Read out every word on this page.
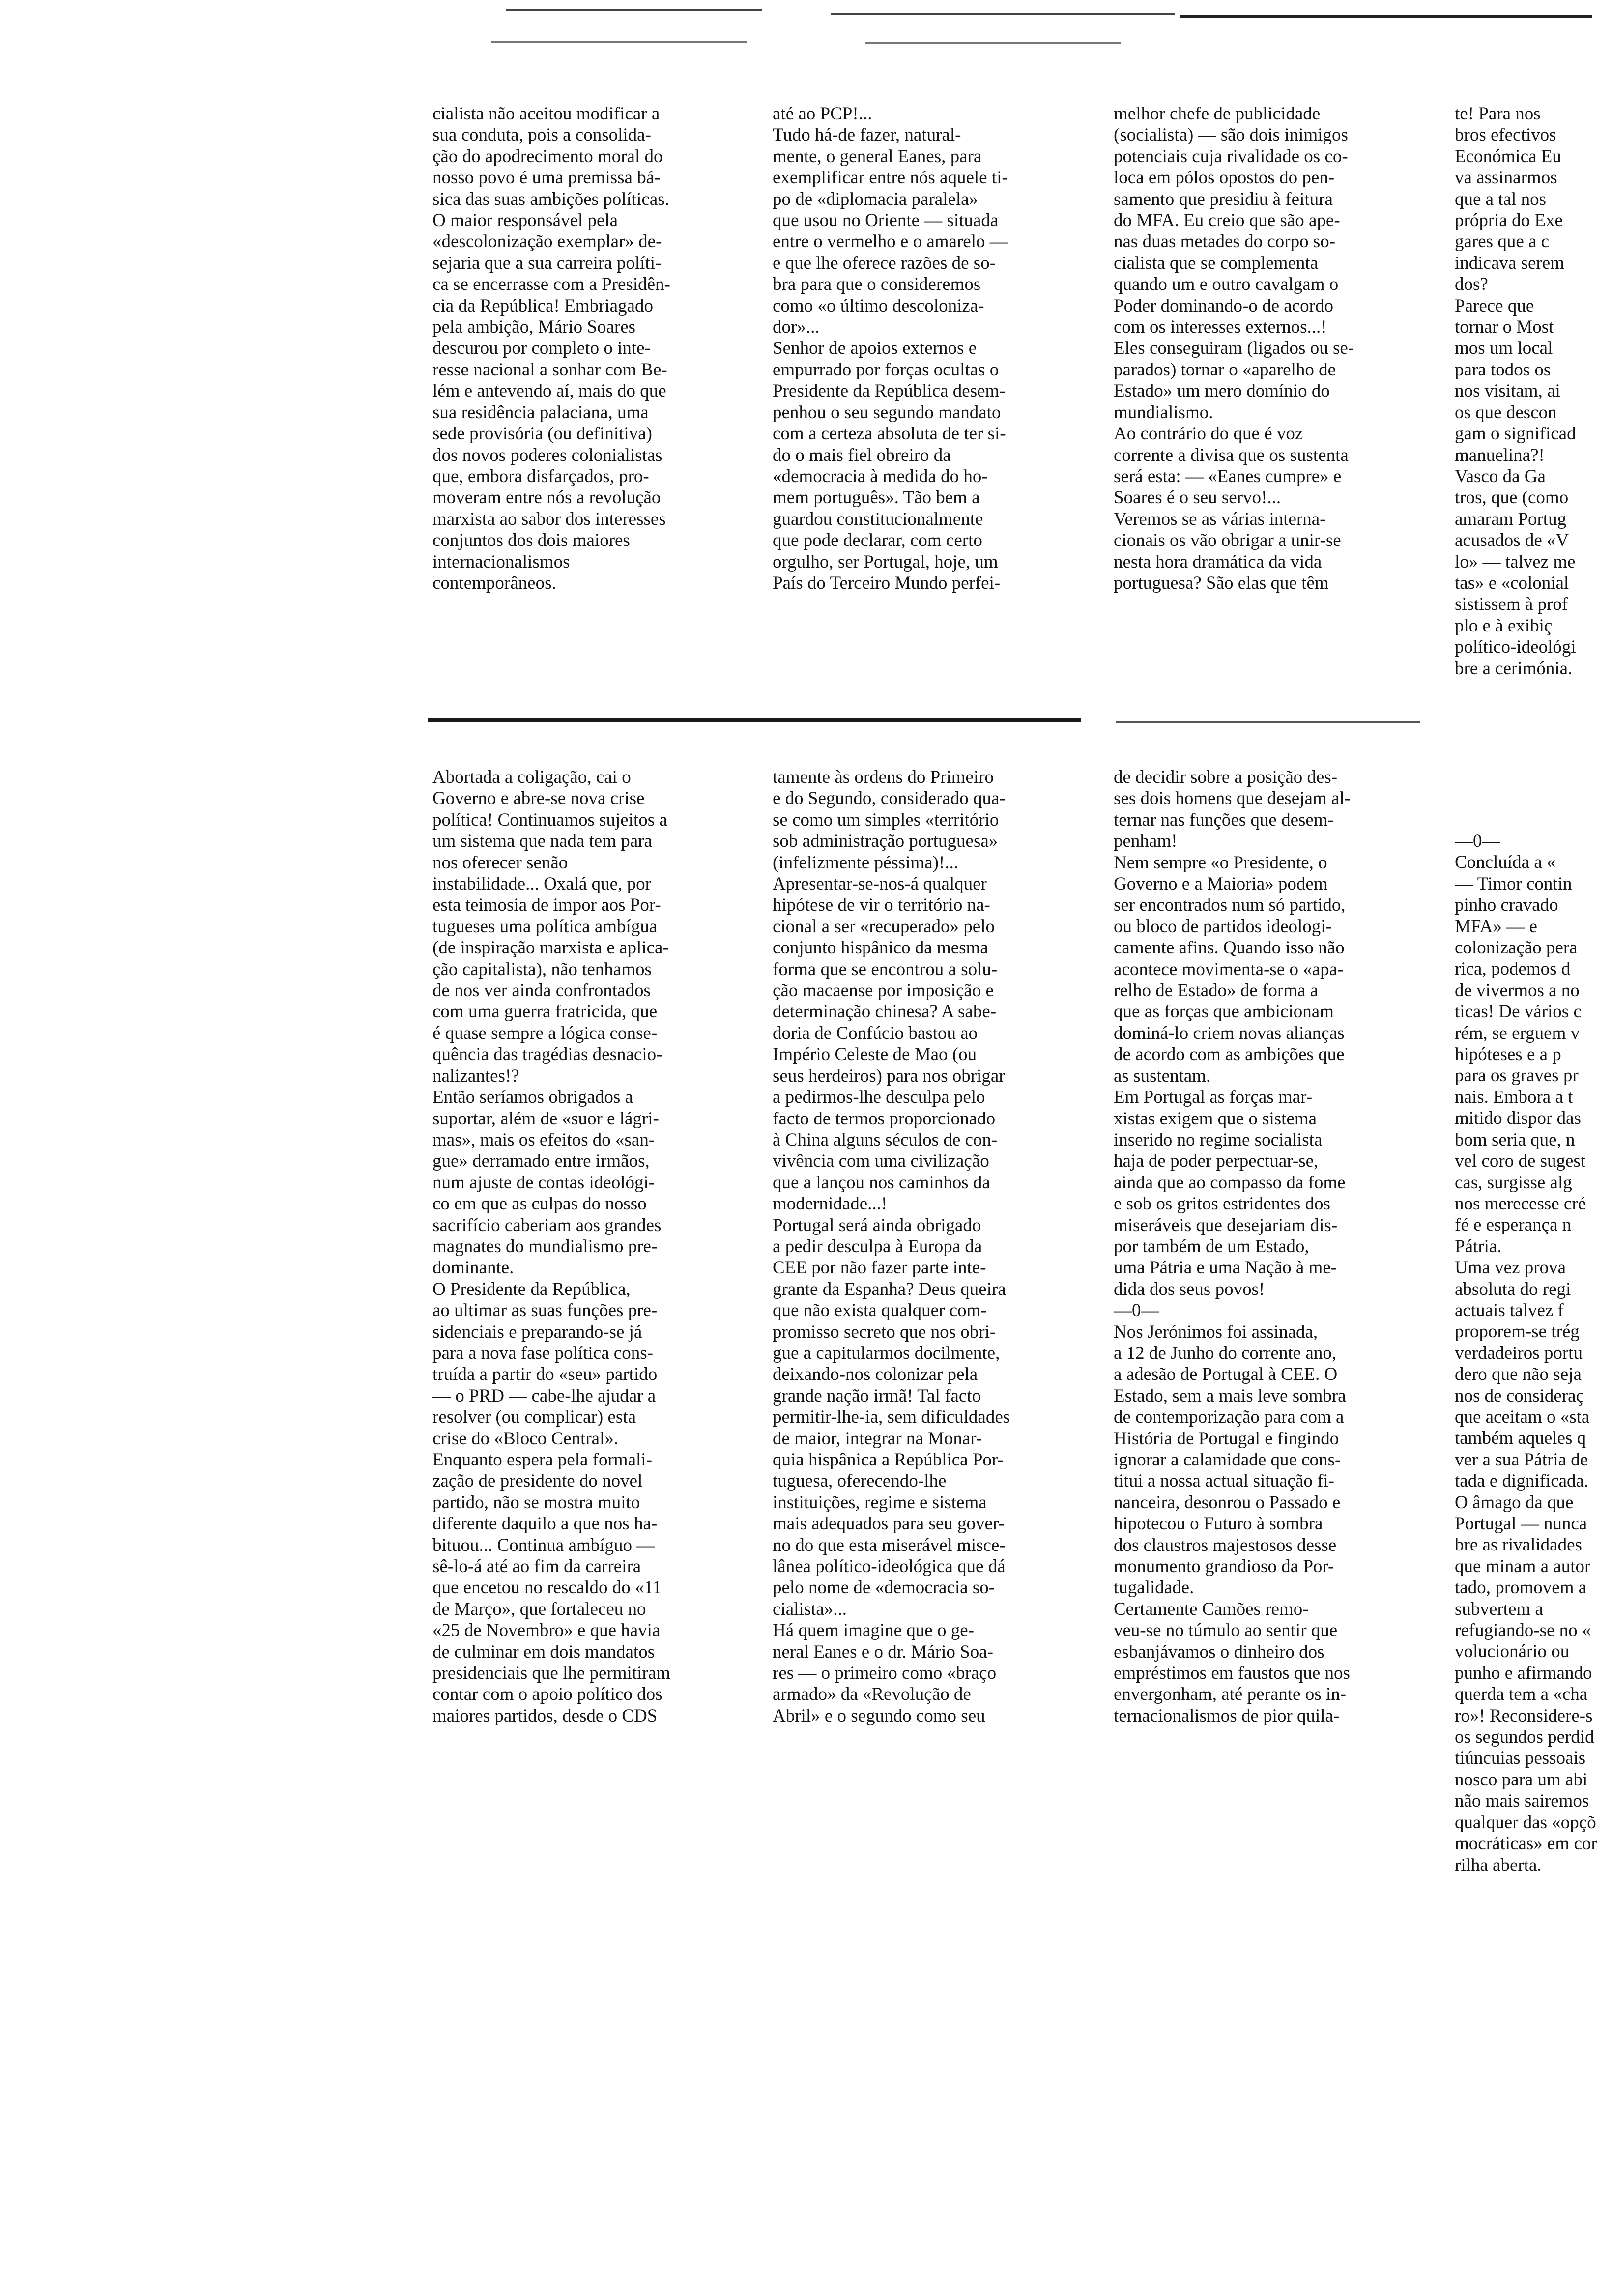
cialista não aceitou modificar a
sua conduta, pois a consolida-
ção do apodrecimento moral do
nosso povo é uma premissa bá-
sica das suas ambições políticas.
O maior responsável pela
«descolonização exemplar» de-
sejaria que a sua carreira políti-
ca se encerrasse com a Presidên-
cia da República! Embriagado
pela ambição, Mário Soares
descurou por completo o inte-
resse nacional a sonhar com Be-
lém e antevendo aí, mais do que
sua residência palaciana, uma
sede provisória (ou definitiva)
dos novos poderes colonialistas
que, embora disfarçados, pro-
moveram entre nós a revolução
marxista ao sabor dos interesses
conjuntos dos dois maiores
internacionalismos
contemporâneos.

até ao PCP!...
Tudo há-de fazer, natural-
mente, o general Eanes, para
exemplificar entre nós aquele ti-
po de «diplomacia paralela»
que usou no Oriente — situada
entre o vermelho e o amarelo —
e que lhe oferece razões de so-
bra para que o consideremos
como «o último descoloniza-
dor»...
Senhor de apoios externos e
empurrado por forças ocultas o
Presidente da República desem-
penhou o seu segundo mandato
com a certeza absoluta de ter si-
do o mais fiel obreiro da
«democracia à medida do ho-
mem português». Tão bem a
guardou constitucionalmente
que pode declarar, com certo
orgulho, ser Portugal, hoje, um
País do Terceiro Mundo perfei-

melhor chefe de publicidade
(socialista) — são dois inimigos
potenciais cuja rivalidade os co-
loca em pólos opostos do pen-
samento que presidiu à feitura
do MFA. Eu creio que são ape-
nas duas metades do corpo so-
cialista que se complementa
quando um e outro cavalgam o
Poder dominando-o de acordo
com os interesses externos...!
Eles conseguiram (ligados ou se-
parados) tornar o «aparelho de
Estado» um mero domínio do
mundialismo.
Ao contrário do que é voz
corrente a divisa que os sustenta
será esta: — «Eanes cumpre» e
Soares é o seu servo!...
Veremos se as várias interna-
cionais os vão obrigar a unir-se
nesta hora dramática da vida
portuguesa? São elas que têm

te! Para nos
bros efectivos
Económica Eu
va assinarmos
que a tal nos
própria do Exe
gares que a c
indicava serem
dos?
Parece que
tornar o Most
mos um local
para todos os
nos visitam, ai
os que descon
gam o significad
manuelina?!
Vasco da Ga
tros, que (como
amaram Portug
acusados de «V
lo» — talvez me
tas» e «colonial
sistissem à prof
plo e à exibiç
político-ideológi
bre a cerimónia.

Abortada a coligação, cai o
Governo e abre-se nova crise
política! Continuamos sujeitos a
um sistema que nada tem para
nos oferecer senão
instabilidade... Oxalá que, por
esta teimosia de impor aos Por-
tugueses uma política ambígua
(de inspiração marxista e aplica-
ção capitalista), não tenhamos
de nos ver ainda confrontados
com uma guerra fratricida, que
é quase sempre a lógica conse-
quência das tragédias desnacio-
nalizantes!?
Então seríamos obrigados a
suportar, além de «suor e lágri-
mas», mais os efeitos do «san-
gue» derramado entre irmãos,
num ajuste de contas ideológi-
co em que as culpas do nosso
sacrifício caberiam aos grandes
magnates do mundialismo pre-
dominante.
O Presidente da República,
ao ultimar as suas funções pre-
sidenciais e preparando-se já
para a nova fase política cons-
truída a partir do «seu» partido
— o PRD — cabe-lhe ajudar a
resolver (ou complicar) esta
crise do «Bloco Central».
Enquanto espera pela formali-
zação de presidente do novel
partido, não se mostra muito
diferente daquilo a que nos ha-
bituou... Continua ambíguo —
sê-lo-á até ao fim da carreira
que encetou no rescaldo do «11
de Março», que fortaleceu no
«25 de Novembro» e que havia
de culminar em dois mandatos
presidenciais que lhe permitiram
contar com o apoio político dos
maiores partidos, desde o CDS

tamente às ordens do Primeiro
e do Segundo, considerado qua-
se como um simples «território
sob administração portuguesa»
(infelizmente péssima)!...
Apresentar-se-nos-á qualquer
hipótese de vir o território na-
cional a ser «recuperado» pelo
conjunto hispânico da mesma
forma que se encontrou a solu-
ção macaense por imposição e
determinação chinesa? A sabe-
doria de Confúcio bastou ao
Império Celeste de Mao (ou
seus herdeiros) para nos obrigar
a pedirmos-lhe desculpa pelo
facto de termos proporcionado
à China alguns séculos de con-
vivência com uma civilização
que a lançou nos caminhos da
modernidade...!
Portugal será ainda obrigado
a pedir desculpa à Europa da
CEE por não fazer parte inte-
grante da Espanha? Deus queira
que não exista qualquer com-
promisso secreto que nos obri-
gue a capitularmos docilmente,
deixando-nos colonizar pela
grande nação irmã! Tal facto
permitir-lhe-ia, sem dificuldades
de maior, integrar na Monar-
quia hispânica a República Por-
tuguesa, oferecendo-lhe
instituições, regime e sistema
mais adequados para seu gover-
no do que esta miserável misce-
lânea político-ideológica que dá
pelo nome de «democracia so-
cialista»...
Há quem imagine que o ge-
neral Eanes e o dr. Mário Soa-
res — o primeiro como «braço
armado» da «Revolução de
Abril» e o segundo como seu

de decidir sobre a posição des-
ses dois homens que desejam al-
ternar nas funções que desem-
penham!
Nem sempre «o Presidente, o
Governo e a Maioria» podem
ser encontrados num só partido,
ou bloco de partidos ideologi-
camente afins. Quando isso não
acontece movimenta-se o «apa-
relho de Estado» de forma a
que as forças que ambicionam
dominá-lo criem novas alianças
de acordo com as ambições que
as sustentam.
Em Portugal as forças mar-
xistas exigem que o sistema
inserido no regime socialista
haja de poder perpectuar-se,
ainda que ao compasso da fome
e sob os gritos estridentes dos
miseráveis que desejariam dis-
por também de um Estado,
uma Pátria e uma Nação à me-
dida dos seus povos!
—0—
Nos Jerónimos foi assinada,
a 12 de Junho do corrente ano,
a adesão de Portugal à CEE. O
Estado, sem a mais leve sombra
de contemporização para com a
História de Portugal e fingindo
ignorar a calamidade que cons-
titui a nossa actual situação fi-
nanceira, desonrou o Passado e
hipotecou o Futuro à sombra
dos claustros majestosos desse
monumento grandioso da Por-
tugalidade.
Certamente Camões remo-
veu-se no túmulo ao sentir que
esbanjávamos o dinheiro dos
empréstimos em faustos que nos
envergonham, até perante os in-
ternacionalismos de pior quila-

—0—
Concluída a «
— Timor contin
pinho cravado
MFA» — e
colonização pera
rica, podemos d
de vivermos a no
ticas! De vários c
rém, se erguem v
hipóteses e a p
para os graves pr
nais. Embora a t
mitido dispor das
bom seria que, n
vel coro de sugest
cas, surgisse alg
nos merecesse cré
fé e esperança n
Pátria.
Uma vez prova
absoluta do regi
actuais talvez f
proporem-se trég
verdadeiros portu
dero que não seja
nos de consideraç
que aceitam o «sta
também aqueles q
ver a sua Pátria de
tada e dignificada.
O âmago da que
Portugal — nunca
bre as rivalidades
que minam a autor
tado, promovem a
subvertem a
refugiando-se no «
volucionário ou
punho e afirmando
querda tem a «cha
ro»! Reconsidere-s
os segundos perdid
tiúncuias pessoais
nosco para um abi
não mais sairemos
qualquer das «opçõ
mocráticas» em cor
rilha aberta.
